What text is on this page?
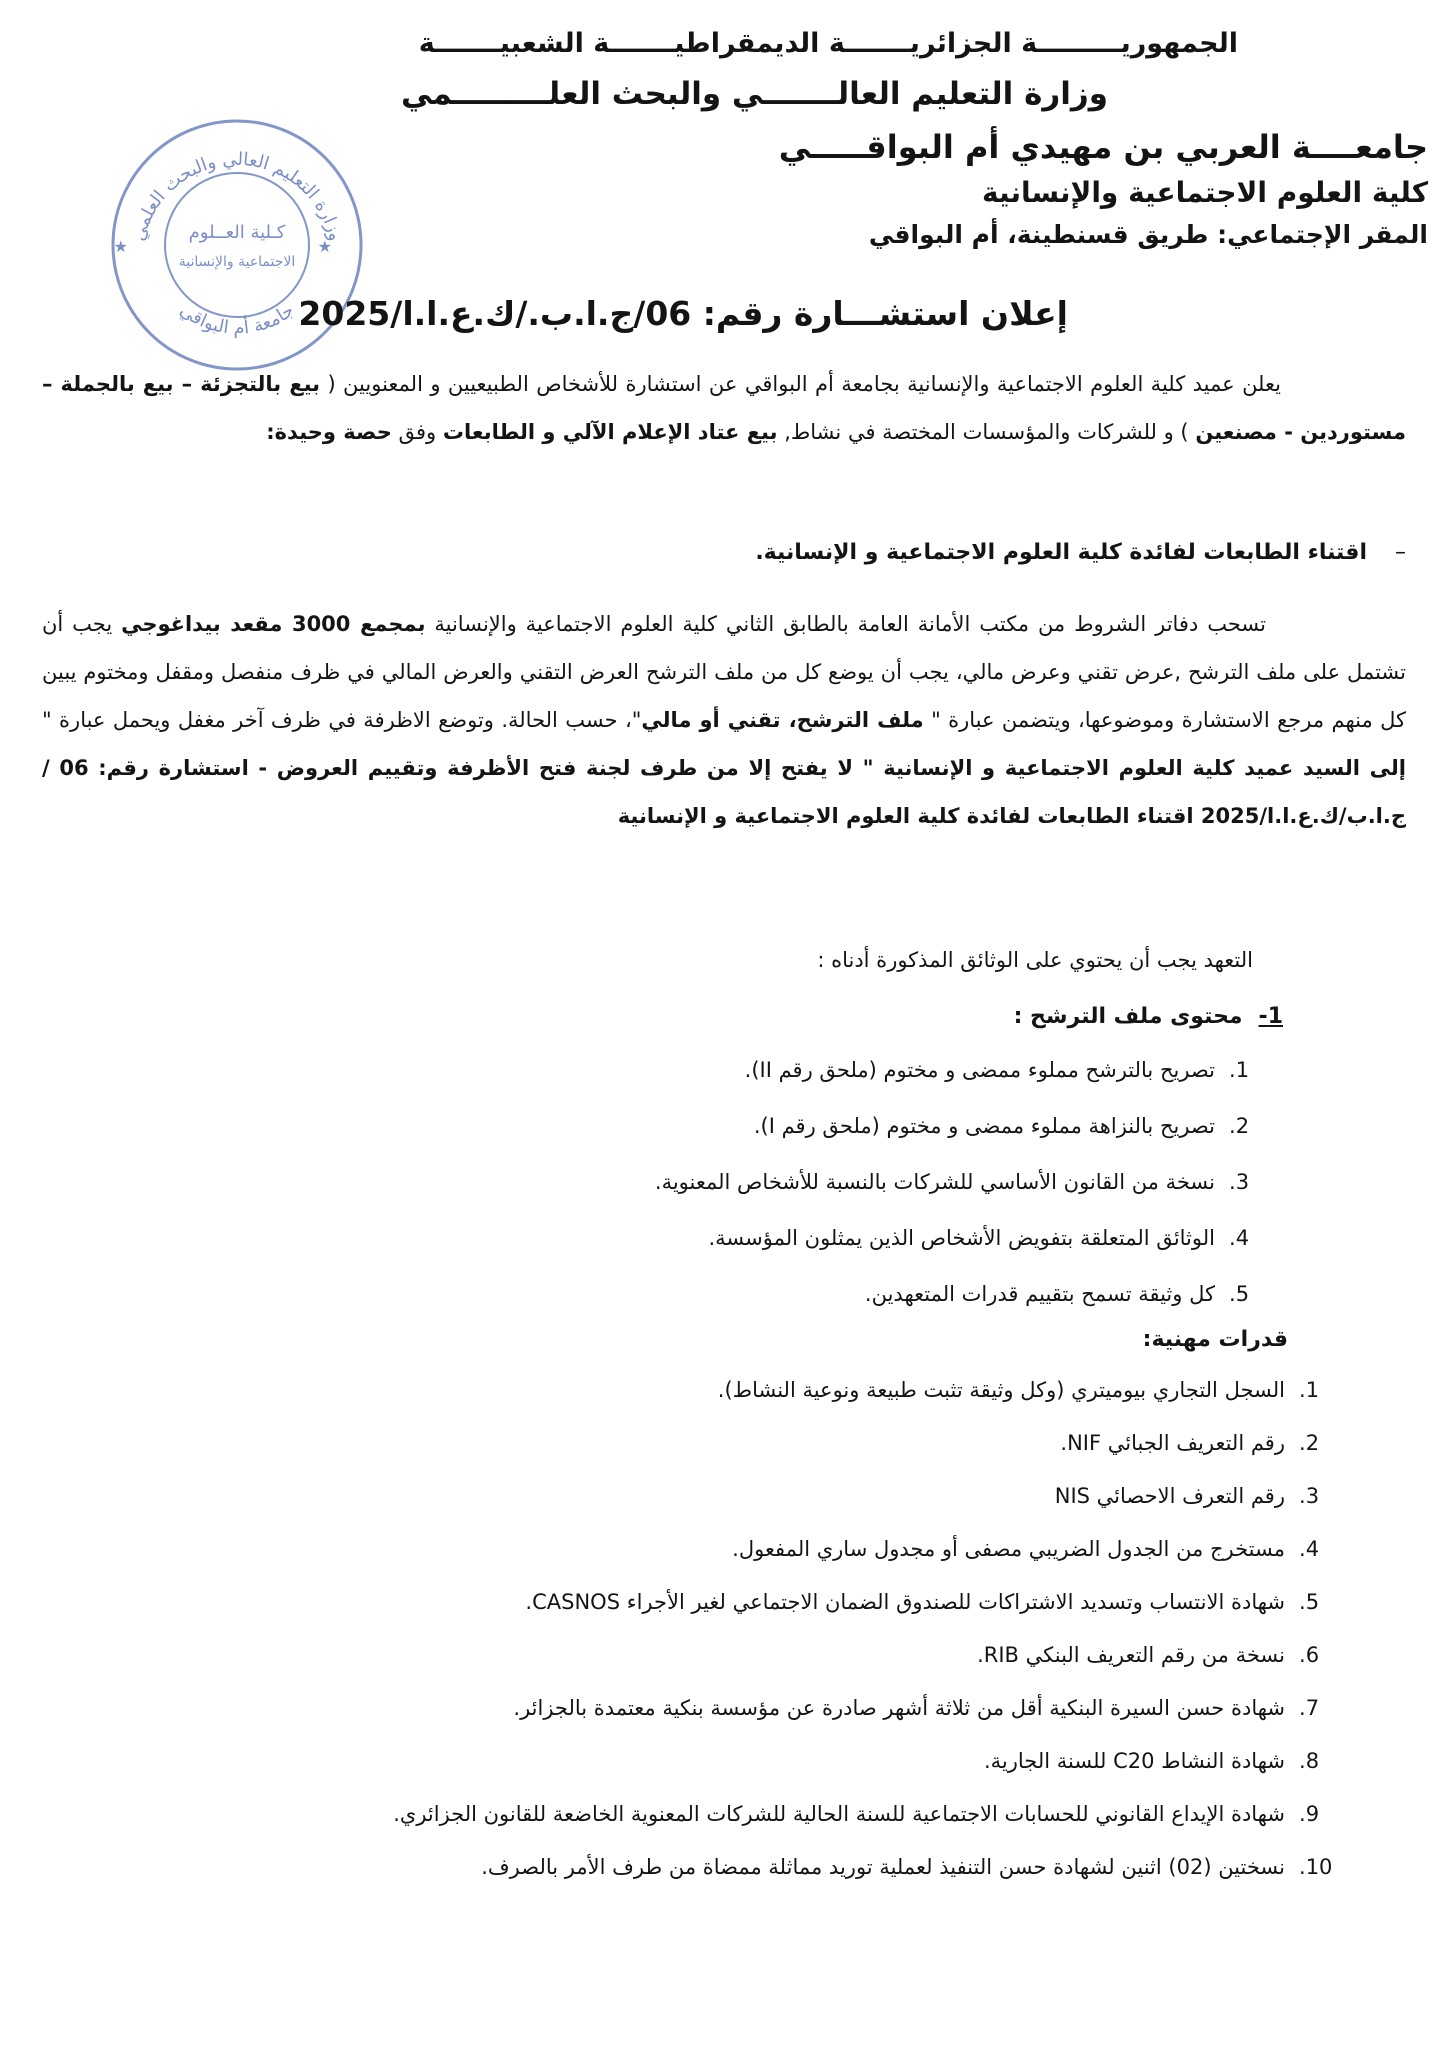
الجمهوريـــــــــة الجزائريـــــــة الديمقراطيـــــــة الشعبيـــــــة
وزارة التعليم العالـــــــي والبحث العلـــــــــمي
جامعــــة العربي بن مهيدي أم البواقـــــي
كلية العلوم الاجتماعية والإنسانية
المقر الإجتماعي: طريق قسنطينة، أم البواقي
وزارة التعليم العالي والبحث العلمي
كـلية العــلوم
الاجتماعية والإنسانية
جامعة أم البواقي
★	★
إعلان استشـــارة رقم: 06/ج.ا.ب./ك.ع.ا.ا/2025
يعلن عميد كلية العلوم الاجتماعية والإنسانية بجامعة أم البواقي عن استشارة للأشخاص الطبيعيين و المعنويين ( بيع بالتجزئة – بيع بالجملة – مستوردين - مصنعين ) و للشركات والمؤسسات المختصة في نشاط, بيع عتاد الإعلام الآلي و الطابعات وفق حصة وحيدة:
–اقتناء الطابعات لفائدة كلية العلوم الاجتماعية و الإنسانية.
تسحب دفاتر الشروط من مكتب الأمانة العامة بالطابق الثاني كلية العلوم الاجتماعية والإنسانية بمجمع 3000 مقعد بيداغوجي يجب أن تشتمل على ملف الترشح ,عرض تقني وعرض مالي، يجب أن يوضع كل من ملف الترشح العرض التقني والعرض المالي في ظرف منفصل ومقفل ومختوم يبين كل منهم مرجع الاستشارة وموضوعها، ويتضمن عبارة " ملف الترشح، تقني أو مالي"، حسب الحالة. وتوضع الاظرفة في ظرف آخر مغفل ويحمل عبارة " إلى السيد عميد كلية العلوم الاجتماعية و الإنسانية " لا يفتح إلا من طرف لجنة فتح الأظرفة وتقييم العروض - استشارة رقم: 06 /ج.ا.ب/ك.ع.ا.ا/2025 اقتناء الطابعات لفائدة كلية العلوم الاجتماعية و الإنسانية
التعهد يجب أن يحتوي على الوثائق المذكورة أدناه :
1-محتوى ملف الترشح :
1.تصريح بالترشح مملوء ممضى و مختوم (ملحق رقم II).
2.تصريح بالنزاهة مملوء ممضى و مختوم (ملحق رقم I).
3.نسخة من القانون الأساسي للشركات بالنسبة للأشخاص المعنوية.
4.الوثائق المتعلقة بتفويض الأشخاص الذين يمثلون المؤسسة.
5.كل وثيقة تسمح بتقييم قدرات المتعهدين.
قدرات مهنية:
1.السجل التجاري بيوميتري (وكل وثيقة تثبت طبيعة ونوعية النشاط).
2.رقم التعريف الجبائي NIF.
3.رقم التعرف الاحصائي NIS
4.مستخرج من الجدول الضريبي مصفى أو مجدول ساري المفعول.
5.شهادة الانتساب وتسديد الاشتراكات للصندوق الضمان الاجتماعي لغير الأجراء CASNOS.
6.نسخة من رقم التعريف البنكي RIB.
7.شهادة حسن السيرة البنكية أقل من ثلاثة أشهر صادرة عن مؤسسة بنكية معتمدة بالجزائر.
8.شهادة النشاط C20 للسنة الجارية.
9.شهادة الإيداع القانوني للحسابات الاجتماعية للسنة الحالية للشركات المعنوية الخاضعة للقانون الجزائري.
10.نسختين (02) اثنين لشهادة حسن التنفيذ لعملية توريد مماثلة ممضاة من طرف الأمر بالصرف.
